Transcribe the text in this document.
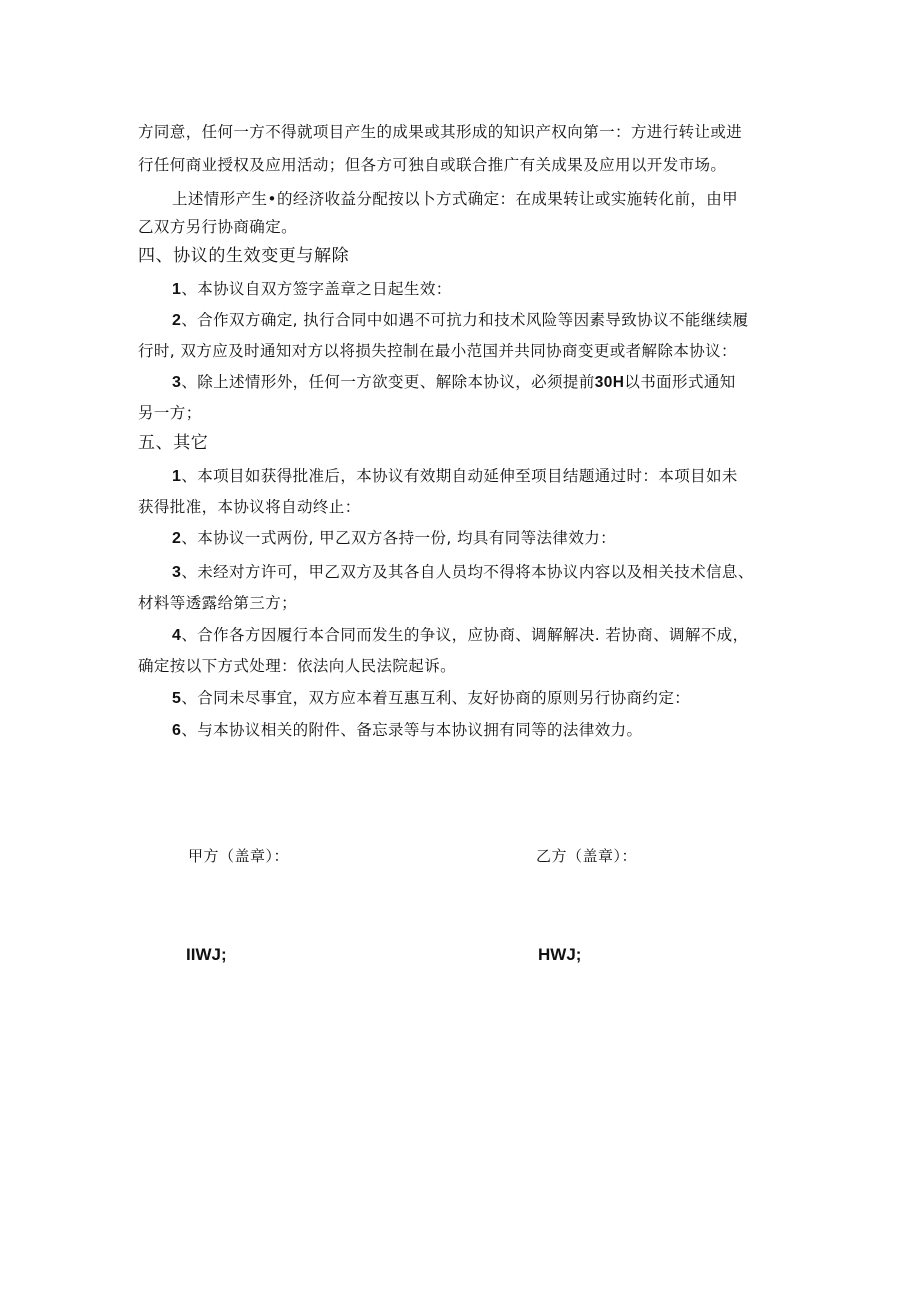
方同意，任何一方不得就项目产生的成果或其形成的知识产权向第一：方进行转让或进
行任何商业授权及应用活动；但各方可独自或联合推广有关成果及应用以开发市场。
上述情形产生•的经济收益分配按以卜方式确定：在成果转让或实施转化前，由甲
乙双方另行协商确定。
四、协议的生效变更与解除
1、本协议自双方签字盖章之日起生效：
2、合作双方确定, 执行合同中如遇不可抗力和技术风险等因素导致协议不能继续履
行时, 双方应及时通知对方以将损失控制在最小范国并共同协商变更或者解除本协议：
3、除上述情形外，任何一方欲变更、解除本协议，必须提前30H以书面形式通知
另一方；
五、其它
1、本项目如获得批准后，本协议有效期自动延伸至项目结题通过时：本项目如未
获得批准，本协议将自动终止：
2、本协议一式两份, 甲乙双方各持一份, 均具有同等法律效力：
3、未经对方许可，甲乙双方及其各自人员均不得将本协议内容以及相关技术信息、
材料等透露给第三方；
4、合作各方因履行本合同而发生的争议，应协商、调解解决. 若协商、调解不成，
确定按以下方式处理：依法向人民法院起诉。
5、合同未尽事宜，双方应本着互惠互利、友好协商的原则另行协商约定：
6、与本协议相关的附件、备忘录等与本协议拥有同等的法律效力。
甲方（盖章）：	乙方（盖章）：
IIWJ;	HWJ;
